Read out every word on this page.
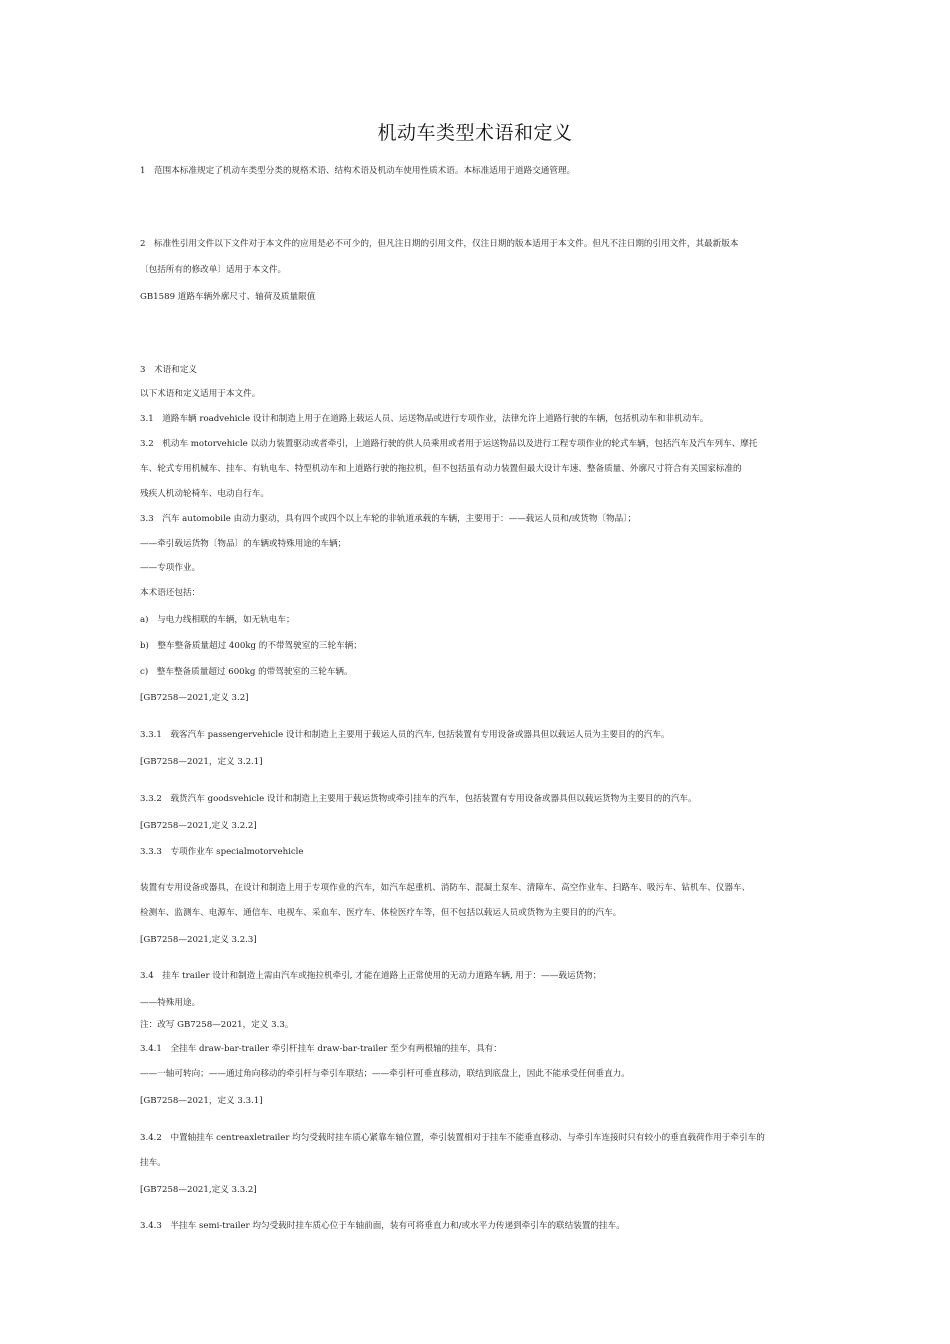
机动车类型术语和定义
1　范围本标准规定了机动车类型分类的规格术语、结构术语及机动车使用性质术语。本标准适用于道路交通管理。
2　标准性引用文件以下文件对于本文件的应用是必不可少的，但凡注日期的引用文件，仅注日期的版本适用于本文件。但凡不注日期的引用文件，其最新版本
〔包括所有的修改单〕适用于本文件。
GB1589 道路车辆外廓尺寸、轴荷及质量限值
3　术语和定义
以下术语和定义适用于本文件。
3.1　道路车辆 roadvehicle 设计和制造上用于在道路上载运人员、运送物品或进行专项作业，法律允许上道路行驶的车辆，包括机动车和非机动车。
3.2　机动车 motorvehicle 以动力装置驱动或者牵引，上道路行驶的供人员乘用或者用于运送物品以及进行工程专项作业的轮式车辆，包括汽车及汽车列车、摩托
车、轮式专用机械车、挂车、有轨电车、特型机动车和上道路行驶的拖拉机，但不包括虽有动力装置但最大设计车速、整备质量、外廓尺寸符合有关国家标准的
残疾人机动轮椅车、电动自行车。
3.3　汽车 automobile 由动力驱动，具有四个或四个以上车轮的非轨道承载的车辆，主要用于：——载运人员和/或货物〔物品〕；
——牵引载运货物〔物品〕的车辆或特殊用途的车辆；
——专项作业。
本术语还包括：
a)　与电力线相联的车辆，如无轨电车；
b)　整车整备质量超过 400kg 的不带驾驶室的三轮车辆；
c)　整车整备质量超过 600kg 的带驾驶室的三轮车辆。
[GB7258—2021,定义 3.2]
3.3.1　载客汽车 passengervehicle 设计和制造上主要用于载运人员的汽车, 包括装置有专用设备或器具但以载运人员为主要目的的汽车。
[GB7258—2021，定义 3.2.1]
3.3.2　载货汽车 goodsvehicle 设计和制造上主要用于载运货物或牵引挂车的汽车，包括装置有专用设备或器具但以载运货物为主要目的的汽车。
[GB7258—2021,定义 3.2.2]
3.3.3　专项作业车 specialmotorvehicle
装置有专用设备或器具，在设计和制造上用于专项作业的汽车，如汽车起重机、消防车、混凝土泵车、清障车、高空作业车、扫路车、吸污车、钻机车、仪器车、
检测车、监测车、电源车、通信车、电视车、采血车、医疗车、体检医疗车等，但不包括以载运人员或货物为主要目的的汽车。
[GB7258—2021,定义 3.2.3]
3.4　挂车 trailer 设计和制造上需由汽车或拖拉机牵引, 才能在道路上正常使用的无动力道路车辆, 用于：——载运货物；
——特殊用途。
注：改写 GB7258—2021，定义 3.3。
3.4.1　全挂车 draw-bar-trailer 牵引杆挂车 draw-bar-trailer 至少有两根轴的挂车，具有：
——一轴可转向；——通过角向移动的牵引杆与牵引车联结；——牵引杆可垂直移动，联结到底盘上，因此不能承受任何垂直力。
[GB7258—2021，定义 3.3.1]
3.4.2　中置轴挂车 centreaxletrailer 均匀受载时挂车质心紧靠车轴位置，牵引装置相对于挂车不能垂直移动、与牵引车连接时只有较小的垂直载荷作用于牵引车的
挂车。
[GB7258—2021,定义 3.3.2]
3.4.3　半挂车 semi-trailer 均匀受载时挂车质心位于车轴前面，装有可将垂直力和/或水平力传递到牵引车的联结装置的挂车。
